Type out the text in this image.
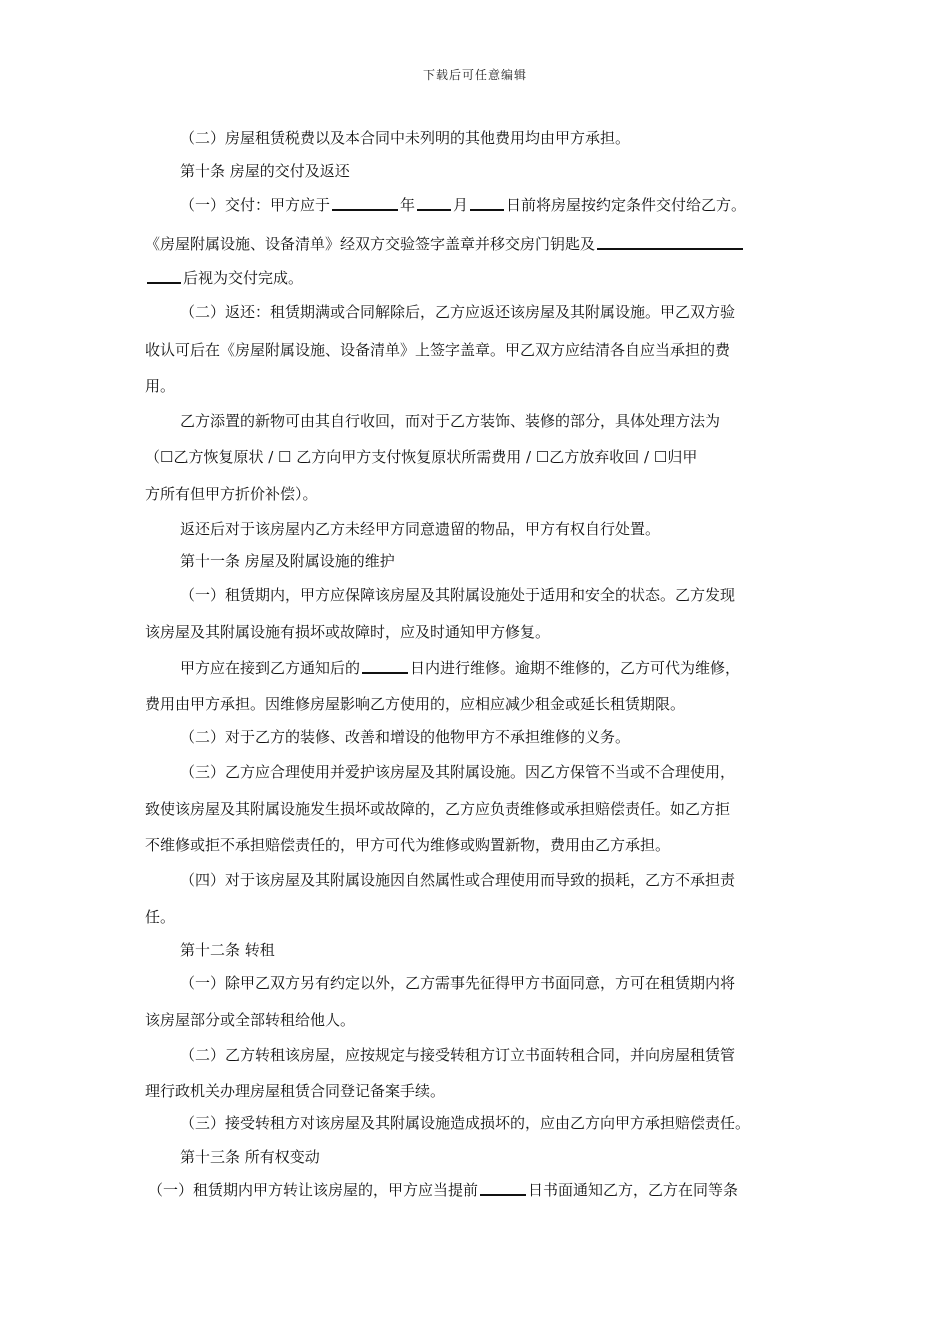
下载后可任意编辑
（二）房屋租赁税费以及本合同中未列明的其他费用均由甲方承担。
第十条 房屋的交付及返还
（一）交付：甲方应于	年	月	日前将房屋按约定条件交付给乙方。
《房屋附属设施、设备清单》经双方交验签字盖章并移交房门钥匙及
后视为交付完成。
（二）返还：租赁期满或合同解除后，乙方应返还该房屋及其附属设施。甲乙双方验
收认可后在《房屋附属设施、设备清单》上签字盖章。甲乙双方应结清各自应当承担的费
用。
乙方添置的新物可由其自行收回，而对于乙方装饰、装修的部分，具体处理方法为
（☐乙方恢复原状 / ☐ 乙方向甲方支付恢复原状所需费用 / ☐乙方放弃收回 / ☐归甲
方所有但甲方折价补偿）。
返还后对于该房屋内乙方未经甲方同意遗留的物品，甲方有权自行处置。
第十一条 房屋及附属设施的维护
（一）租赁期内，甲方应保障该房屋及其附属设施处于适用和安全的状态。乙方发现
该房屋及其附属设施有损坏或故障时，应及时通知甲方修复。
甲方应在接到乙方通知后的	日内进行维修。逾期不维修的，乙方可代为维修，
费用由甲方承担。因维修房屋影响乙方使用的，应相应减少租金或延长租赁期限。
（二）对于乙方的装修、改善和增设的他物甲方不承担维修的义务。
（三）乙方应合理使用并爱护该房屋及其附属设施。因乙方保管不当或不合理使用，
致使该房屋及其附属设施发生损坏或故障的，乙方应负责维修或承担赔偿责任。如乙方拒
不维修或拒不承担赔偿责任的，甲方可代为维修或购置新物，费用由乙方承担。
（四）对于该房屋及其附属设施因自然属性或合理使用而导致的损耗，乙方不承担责
任。
第十二条 转租
（一）除甲乙双方另有约定以外，乙方需事先征得甲方书面同意，方可在租赁期内将
该房屋部分或全部转租给他人。
（二）乙方转租该房屋，应按规定与接受转租方订立书面转租合同，并向房屋租赁管
理行政机关办理房屋租赁合同登记备案手续。
（三）接受转租方对该房屋及其附属设施造成损坏的，应由乙方向甲方承担赔偿责任。
第十三条 所有权变动
（一）租赁期内甲方转让该房屋的，甲方应当提前	日书面通知乙方，乙方在同等条
